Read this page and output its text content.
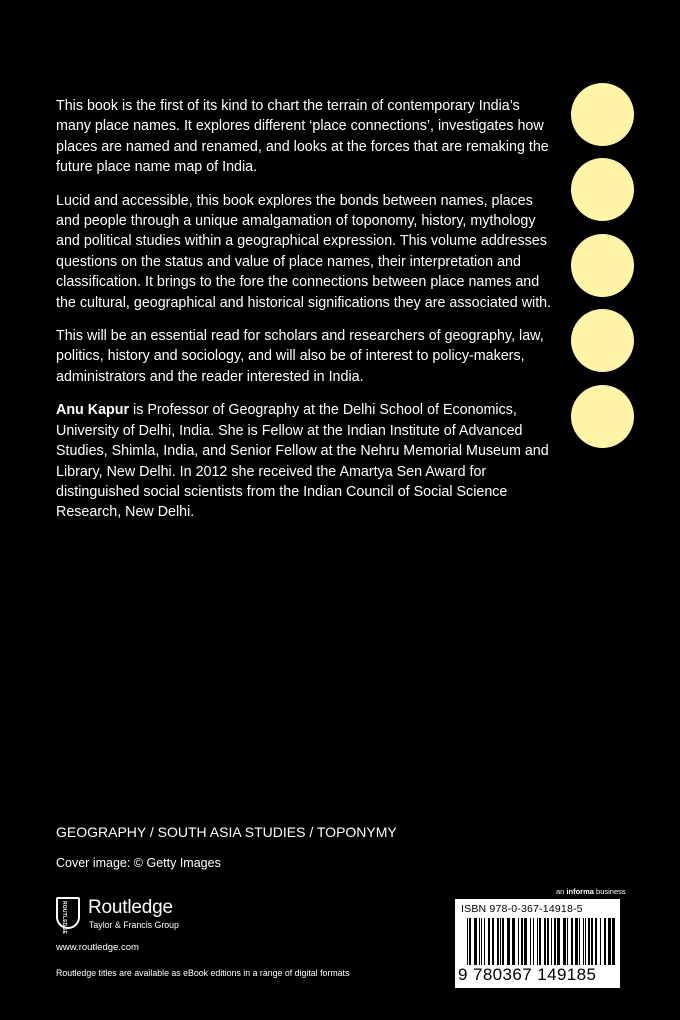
This book is the first of its kind to chart the terrain of contemporary India’s many place names. It explores different ‘place connections’, investigates how places are named and renamed, and looks at the forces that are remaking the future place name map of India.

Lucid and accessible, this book explores the bonds between names, places and people through a unique amalgamation of toponomy, history, mythology and political studies within a geographical expression. This volume addresses questions on the status and value of place names, their interpretation and classification. It brings to the fore the connections between place names and the cultural, geographical and historical significations they are associated with.

This will be an essential read for scholars and researchers of geography, law, politics, history and sociology, and will also be of interest to policy-makers, administrators and the reader interested in India.

Anu Kapur is Professor of Geography at the Delhi School of Economics, University of Delhi, India. She is Fellow at the Indian Institute of Advanced Studies, Shimla, India, and Senior Fellow at the Nehru Memorial Museum and Library, New Delhi. In 2012 she received the Amartya Sen Award for distinguished social scientists from the Indian Council of Social Science Research, New Delhi.

GEOGRAPHY / SOUTH ASIA STUDIES / TOPONYMY
Cover image: © Getty Images
ROUTLEDGE Routledge
Taylor & Francis Group
www.routledge.com
Routledge titles are available as eBook editions in a range of digital formats
an informa business
ISBN 978-0-367-14918-5
9 780367 149185
